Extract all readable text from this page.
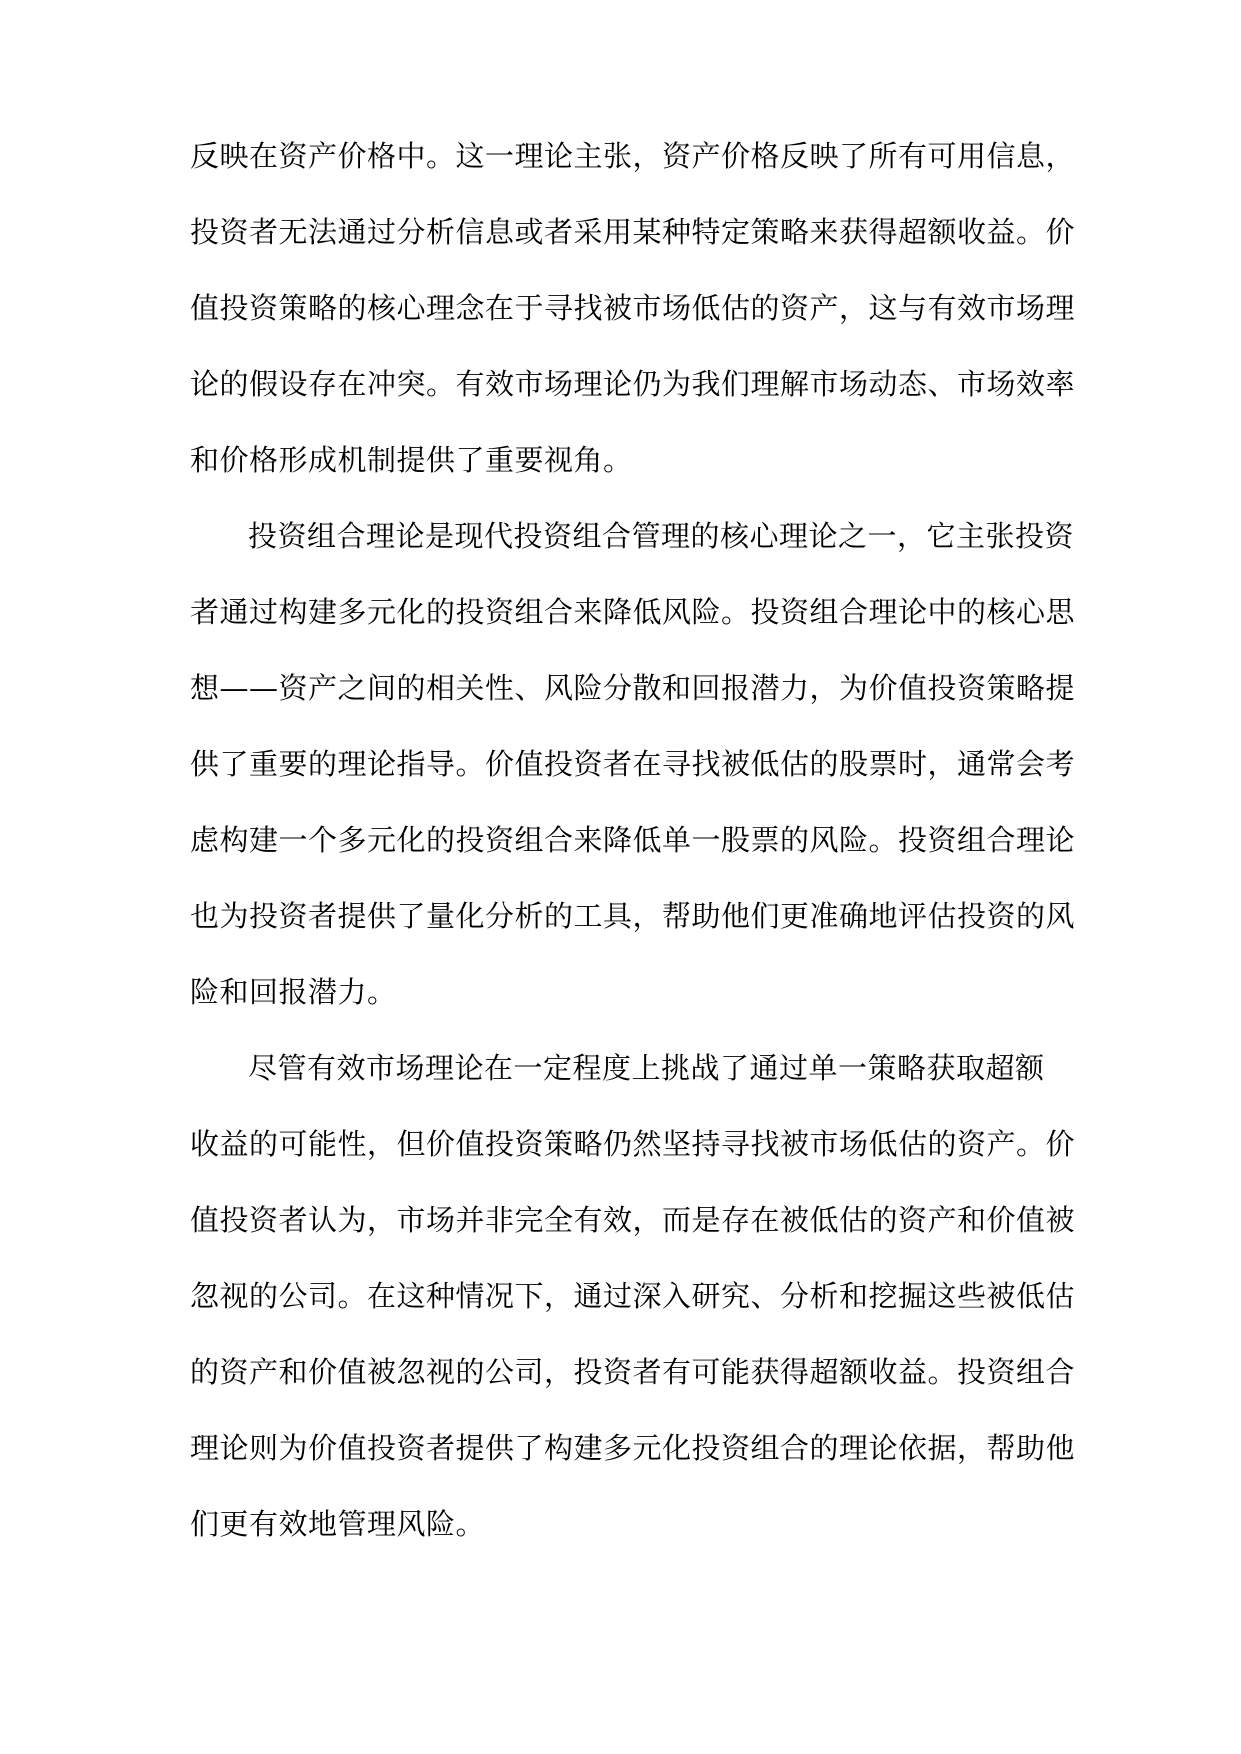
反映在资产价格中。这一理论主张，资产价格反映了所有可用信息，
投资者无法通过分析信息或者采用某种特定策略来获得超额收益。价
值投资策略的核心理念在于寻找被市场低估的资产，这与有效市场理
论的假设存在冲突。有效市场理论仍为我们理解市场动态、市场效率
和价格形成机制提供了重要视角。
投资组合理论是现代投资组合管理的核心理论之一，它主张投资
者通过构建多元化的投资组合来降低风险。投资组合理论中的核心思
想——资产之间的相关性、风险分散和回报潜力，为价值投资策略提
供了重要的理论指导。价值投资者在寻找被低估的股票时，通常会考
虑构建一个多元化的投资组合来降低单一股票的风险。投资组合理论
也为投资者提供了量化分析的工具，帮助他们更准确地评估投资的风
险和回报潜力。
尽管有效市场理论在一定程度上挑战了通过单一策略获取超额
收益的可能性，但价值投资策略仍然坚持寻找被市场低估的资产。价
值投资者认为，市场并非完全有效，而是存在被低估的资产和价值被
忽视的公司。在这种情况下，通过深入研究、分析和挖掘这些被低估
的资产和价值被忽视的公司，投资者有可能获得超额收益。投资组合
理论则为价值投资者提供了构建多元化投资组合的理论依据，帮助他
们更有效地管理风险。
